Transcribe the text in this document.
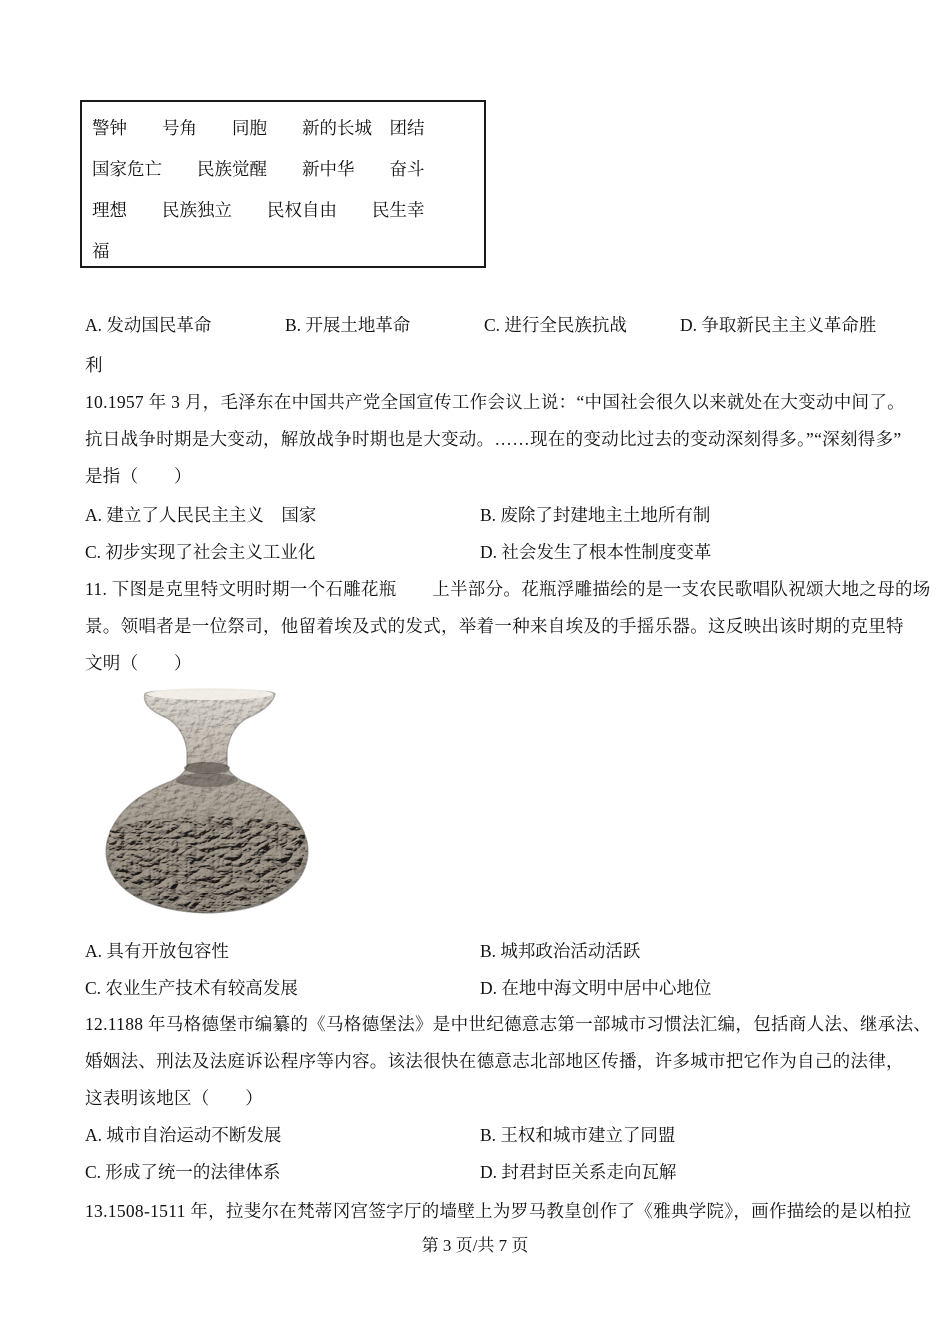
警钟　　号角　　同胞　　新的长城　团结
国家危亡　　民族觉醒　　新中华　　奋斗
理想　　民族独立　　民权自由　　民生幸
福
A. 发动国民革命	B. 开展土地革命	C. 进行全民族抗战	D. 争取新民主主义革命胜
利
10.1957 年 3 月，毛泽东在中国共产党全国宣传工作会议上说：“中国社会很久以来就处在大变动中间了。
抗日战争时期是大变动，解放战争时期也是大变动。……现在的变动比过去的变动深刻得多。”“深刻得多”
是指（　　）
A. 建立了人民民主主义　国家	B. 废除了封建地主土地所有制
C. 初步实现了社会主义工业化	D. 社会发生了根本性制度变革
11. 下图是克里特文明时期一个石雕花瓶　　上半部分。花瓶浮雕描绘的是一支农民歌唱队祝颂大地之母的场
景。领唱者是一位祭司，他留着埃及式的发式，举着一种来自埃及的手摇乐器。这反映出该时期的克里特
文明（　　）
A. 具有开放包容性	B. 城邦政治活动活跃
C. 农业生产技术有较高发展	D. 在地中海文明中居中心地位
12.1188 年马格德堡市编纂的《马格德堡法》是中世纪德意志第一部城市习惯法汇编，包括商人法、继承法、
婚姻法、刑法及法庭诉讼程序等内容。该法很快在德意志北部地区传播，许多城市把它作为自己的法律，
这表明该地区（　　）
A. 城市自治运动不断发展	B. 王权和城市建立了同盟
C. 形成了统一的法律体系	D. 封君封臣关系走向瓦解
13.1508-1511 年，拉斐尔在梵蒂冈宫签字厅的墙壁上为罗马教皇创作了《雅典学院》，画作描绘的是以柏拉
第 3 页/共 7 页
